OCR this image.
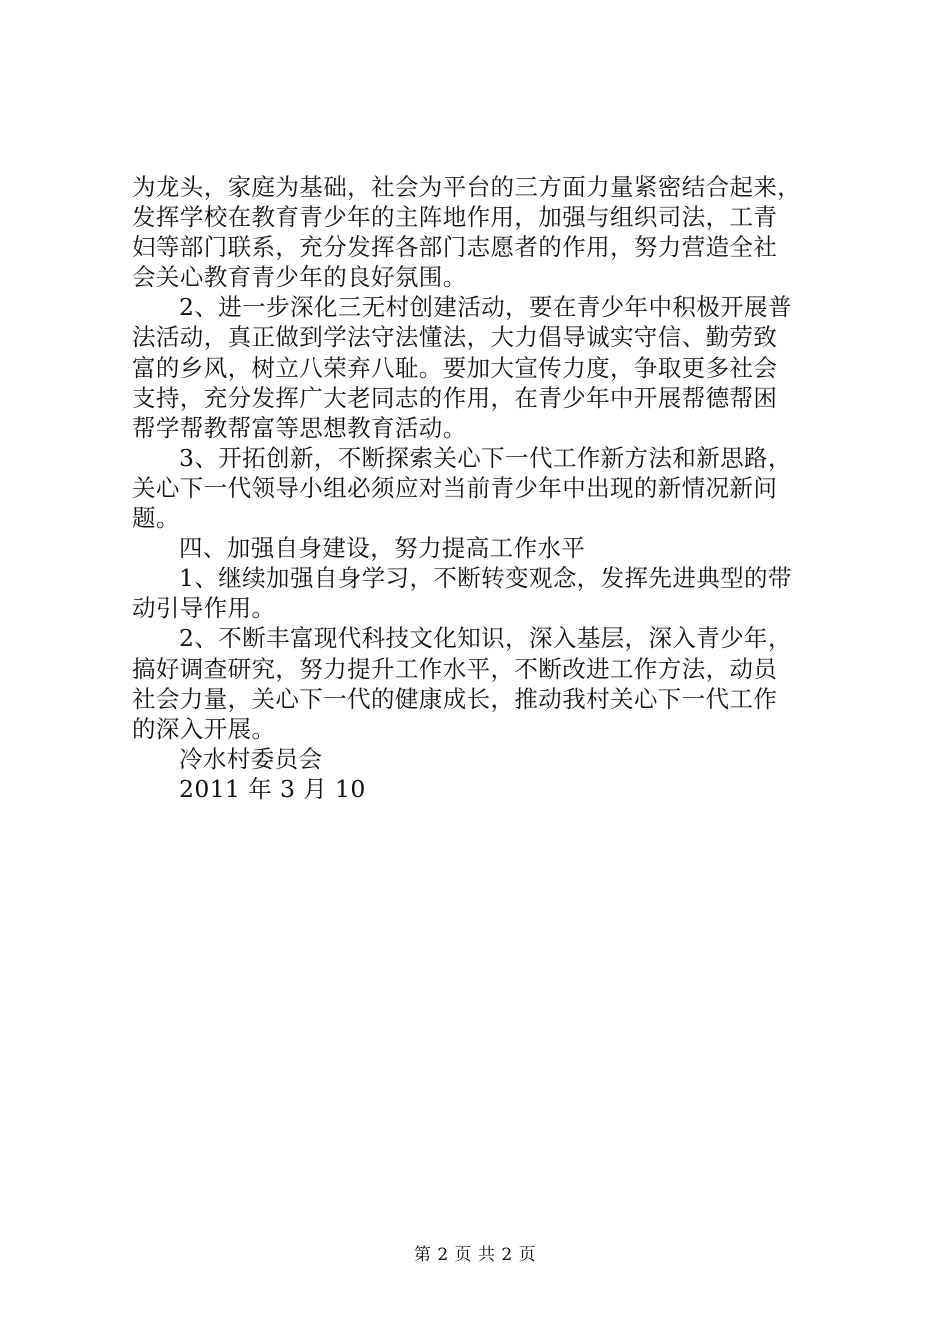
为龙头，家庭为基础，社会为平台的三方面力量紧密结合起来，
发挥学校在教育青少年的主阵地作用，加强与组织司法，工青
妇等部门联系，充分发挥各部门志愿者的作用，努力营造全社
会关心教育青少年的良好氛围。
2、进一步深化三无村创建活动，要在青少年中积极开展普
法活动，真正做到学法守法懂法，大力倡导诚实守信、勤劳致
富的乡风，树立八荣弃八耻。要加大宣传力度，争取更多社会
支持，充分发挥广大老同志的作用，在青少年中开展帮德帮困
帮学帮教帮富等思想教育活动。
3、开拓创新，不断探索关心下一代工作新方法和新思路，
关心下一代领导小组必须应对当前青少年中出现的新情况新问
题。
四、加强自身建设，努力提高工作水平
1、继续加强自身学习，不断转变观念，发挥先进典型的带
动引导作用。
2、不断丰富现代科技文化知识，深入基层，深入青少年，
搞好调查研究，努力提升工作水平，不断改进工作方法，动员
社会力量，关心下一代的健康成长，推动我村关心下一代工作
的深入开展。
冷水村委员会
2011 年 3 月 10
第 2 页 共 2 页
